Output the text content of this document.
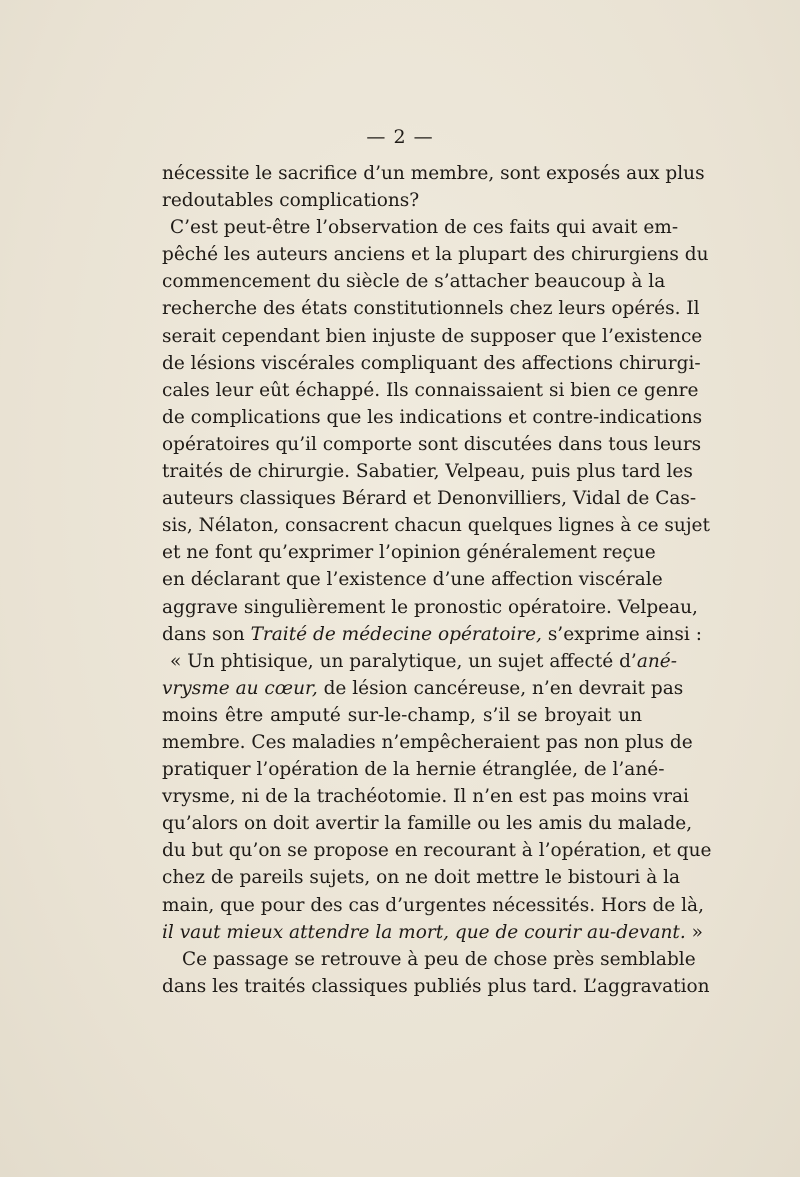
— 2 —
nécessite le sacrifice d’un membre, sont exposés aux plus
redoutables complications?
C’est peut-être l’observation de ces faits qui avait em-
pêché les auteurs anciens et la plupart des chirurgiens du
commencement du siècle de s’attacher beaucoup à la
recherche des états constitutionnels chez leurs opérés. Il
serait cependant bien injuste de supposer que l’existence
de lésions viscérales compliquant des affections chirurgi-
cales leur eût échappé. Ils connaissaient si bien ce genre
de complications que les indications et contre-indications
opératoires qu’il comporte sont discutées dans tous leurs
traités de chirurgie. Sabatier, Velpeau, puis plus tard les
auteurs classiques Bérard et Denonvilliers, Vidal de Cas-
sis, Nélaton, consacrent chacun quelques lignes à ce sujet
et ne font qu’exprimer l’opinion généralement reçue
en déclarant que l’existence d’une affection viscérale
aggrave singulièrement le pronostic opératoire. Velpeau,
dans son Traité de médecine opératoire, s’exprime ainsi :
« Un phtisique, un paralytique, un sujet affecté d’ané-
vrysme au cœur, de lésion cancéreuse, n’en devrait pas
moins être amputé sur-le-champ, s’il se broyait un
membre. Ces maladies n’empêcheraient pas non plus de
pratiquer l’opération de la hernie étranglée, de l’ané-
vrysme, ni de la trachéotomie. Il n’en est pas moins vrai
qu’alors on doit avertir la famille ou les amis du malade,
du but qu’on se propose en recourant à l’opération, et que
chez de pareils sujets, on ne doit mettre le bistouri à la
main, que pour des cas d’urgentes nécessités. Hors de là,
il vaut mieux attendre la mort, que de courir au-devant. »
Ce passage se retrouve à peu de chose près semblable
dans les traités classiques publiés plus tard. L’aggravation
